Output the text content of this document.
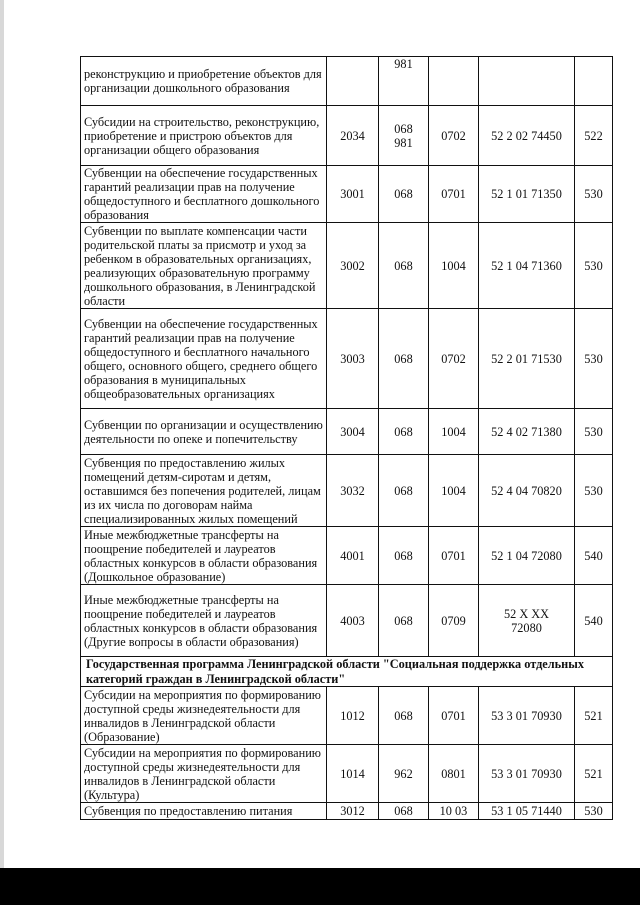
реконструкцию и приобретение объектов для организации дошкольного образования		981			
Субсидии на строительство, реконструкцию, приобретение и пристрою объектов для организации общего образования	2034	068 981	0702	52 2 02 74450	522
Субвенции на обеспечение государственных гарантий реализации прав на получение общедоступного и бесплатного дошкольного образования	3001	068	0701	52 1 01 71350	530
Субвенции по выплате компенсации части родительской платы за присмотр и уход за ребенком в образовательных организациях, реализующих образовательную программу дошкольного образования, в Ленинградской области	3002	068	1004	52 1 04 71360	530
Субвенции на обеспечение государственных гарантий реализации прав на получение общедоступного и бесплатного начального общего, основного общего, среднего общего образования в муниципальных общеобразовательных организациях	3003	068	0702	52 2 01 71530	530
Субвенции по организации и осуществлению деятельности по опеке и попечительству	3004	068	1004	52 4 02 71380	530
Субвенция по предоставлению жилых помещений детям-сиротам и детям, оставшимся без попечения родителей, лицам из их числа по договорам найма специализированных жилых помещений	3032	068	1004	52 4 04 70820	530
Иные межбюджетные трансферты на поощрение победителей и лауреатов областных конкурсов в области образования (Дошкольное образование)	4001	068	0701	52 1 04 72080	540
Иные межбюджетные трансферты на поощрение победителей и лауреатов областных конкурсов в области образования (Другие вопросы в области образования)	4003	068	0709	52 X XX 72080	540
Государственная программа Ленинградской области "Социальная поддержка отдельных категорий граждан в Ленинградской области"					
Субсидии на мероприятия по формированию доступной среды жизнедеятельности для инвалидов в Ленинградской области (Образование)	1012	068	0701	53 3 01 70930	521
Субсидии на мероприятия по формированию доступной среды жизнедеятельности для инвалидов в Ленинградской области (Культура)	1014	962	0801	53 3 01 70930	521
Субвенция по предоставлению питания	3012	068	10 03	53 1 05 71440	530
